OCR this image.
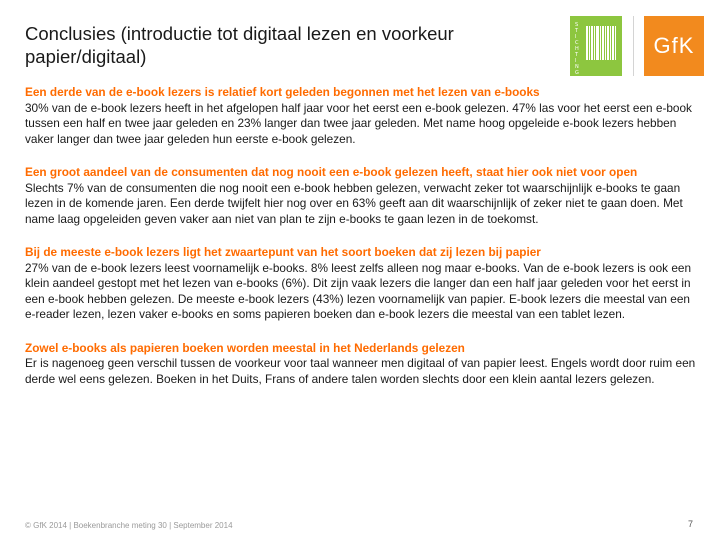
Conclusies (introductie tot digitaal lezen en voorkeur papier/digitaal)
S
T
I
C
H
T
I
N
G
GfK
Een derde van de e-book lezers is relatief kort geleden begonnen met het lezen van e-books
30% van de e-book lezers heeft in het afgelopen half jaar voor het eerst een e-book gelezen. 47% las voor het eerst een e-book tussen een half en twee jaar geleden en 23% langer dan twee jaar geleden. Met name hoog opgeleide e-book lezers hebben vaker langer dan twee jaar geleden hun eerste e-book gelezen.
Een groot aandeel van de consumenten dat nog nooit een e-book gelezen heeft, staat hier ook niet voor open
Slechts 7% van de consumenten die nog nooit een e-book hebben gelezen, verwacht zeker tot waarschijnlijk e-books te gaan lezen in de komende jaren. Een derde twijfelt hier nog over en 63% geeft aan dit waarschijnlijk of zeker niet te gaan doen. Met name laag opgeleiden geven vaker aan niet van plan te zijn e-books te gaan lezen in de toekomst.
Bij de meeste e-book lezers ligt het zwaartepunt van het soort boeken dat zij lezen bij papier
27% van de e-book lezers leest voornamelijk e-books. 8% leest zelfs alleen nog maar e-books. Van de e-book lezers is ook een klein aandeel gestopt met het lezen van e-books (6%). Dit zijn vaak lezers die langer dan een half jaar geleden voor het eerst in een e-book hebben gelezen. De meeste e-book lezers (43%) lezen voornamelijk van papier. E-book lezers die meestal van een e-reader lezen, lezen vaker e-books en soms papieren boeken dan e-book lezers die meestal van een tablet lezen.
Zowel e-books als papieren boeken worden meestal in het Nederlands gelezen
Er is nagenoeg geen verschil tussen de voorkeur voor taal wanneer men digitaal of van papier leest. Engels wordt door ruim een derde wel eens gelezen. Boeken in het Duits, Frans of andere talen worden slechts door een klein aantal lezers gelezen.
© GfK 2014 | Boekenbranche meting 30 | September 2014	7
